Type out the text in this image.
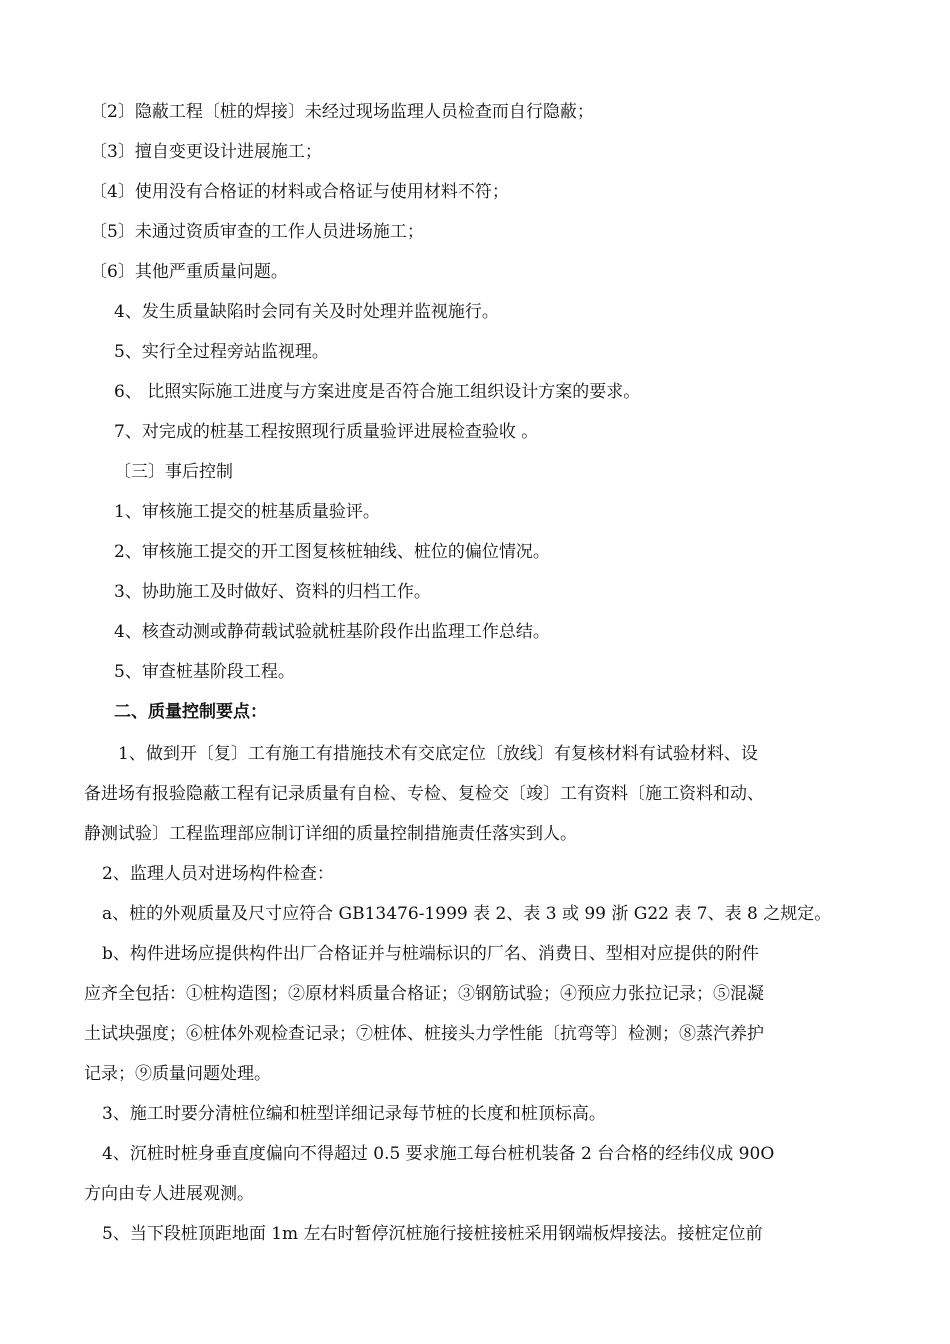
〔2〕隐蔽工程〔桩的焊接〕未经过现场监理人员检查而自行隐蔽；
〔3〕擅自变更设计进展施工；
〔4〕使用没有合格证的材料或合格证与使用材料不符；
〔5〕未通过资质审查的工作人员进场施工；
〔6〕其他严重质量问题。
4、发生质量缺陷时会同有关及时处理并监视施行。
5、实行全过程旁站监视理。
6、 比照实际施工进度与方案进度是否符合施工组织设计方案的要求。
7、对完成的桩基工程按照现行质量验评进展检查验收 。
〔三〕事后控制
1、审核施工提交的桩基质量验评。
2、审核施工提交的开工图复核桩轴线、桩位的偏位情况。
3、协助施工及时做好、资料的归档工作。
4、核查动测或静荷载试验就桩基阶段作出监理工作总结。
5、审查桩基阶段工程。
二、质量控制要点：
1、做到开〔复〕工有施工有措施技术有交底定位〔放线〕有复核材料有试验材料、设
备进场有报验隐蔽工程有记录质量有自检、专检、复检交〔竣〕工有资料〔施工资料和动、
静测试验〕工程监理部应制订详细的质量控制措施责任落实到人。
2、监理人员对进场构件检查：
a、桩的外观质量及尺寸应符合 GB13476-1999 表 2、表 3 或 99 浙 G22 表 7、表 8 之规定。
b、构件进场应提供构件出厂合格证并与桩端标识的厂名、消费日、型相对应提供的附件
应齐全包括：①桩构造图；②原材料质量合格证；③钢筋试验；④预应力张拉记录；⑤混凝
土试块强度；⑥桩体外观检查记录；⑦桩体、桩接头力学性能〔抗弯等〕检测；⑧蒸汽养护
记录；⑨质量问题处理。
3、施工时要分清桩位编和桩型详细记录每节桩的长度和桩顶标高。
4、沉桩时桩身垂直度偏向不得超过 0.5 要求施工每台桩机装备 2 台合格的经纬仪成 90O
方向由专人进展观测。
5、当下段桩顶距地面 1m 左右时暂停沉桩施行接桩接桩采用钢端板焊接法。接桩定位前
